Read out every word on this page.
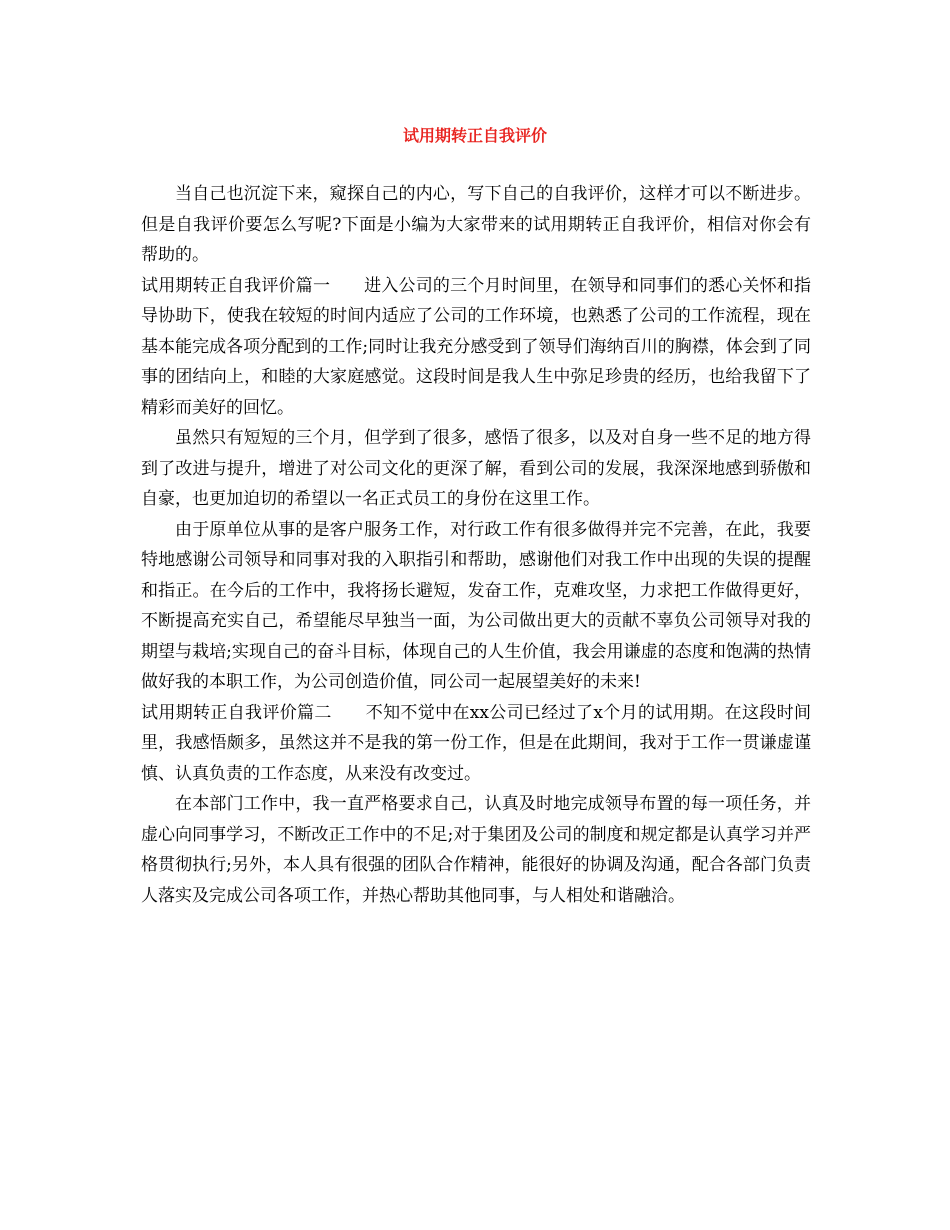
试用期转正自我评价

当自己也沉淀下来，窥探自己的内心，写下自己的自我评价，这样才可以不断进步。但是自我评价要怎么写呢?下面是小编为大家带来的试用期转正自我评价，相信对你会有帮助的。

试用期转正自我评价篇一 进入公司的三个月时间里，在领导和同事们的悉心关怀和指导协助下，使我在较短的时间内适应了公司的工作环境，也熟悉了公司的工作流程，现在基本能完成各项分配到的工作;同时让我充分感受到了领导们海纳百川的胸襟，体会到了同事的团结向上，和睦的大家庭感觉。这段时间是我人生中弥足珍贵的经历，也给我留下了精彩而美好的回忆。

虽然只有短短的三个月，但学到了很多，感悟了很多，以及对自身一些不足的地方得到了改进与提升，增进了对公司文化的更深了解，看到公司的发展，我深深地感到骄傲和自豪，也更加迫切的希望以一名正式员工的身份在这里工作。

由于原单位从事的是客户服务工作，对行政工作有很多做得并完不完善，在此，我要特地感谢公司领导和同事对我的入职指引和帮助，感谢他们对我工作中出现的失误的提醒和指正。在今后的工作中，我将扬长避短，发奋工作，克难攻坚，力求把工作做得更好，不断提高充实自己，希望能尽早独当一面，为公司做出更大的贡献不辜负公司领导对我的期望与栽培;实现自己的奋斗目标，体现自己的人生价值，我会用谦虚的态度和饱满的热情做好我的本职工作，为公司创造价值，同公司一起展望美好的未来!

试用期转正自我评价篇二 不知不觉中在xx公司已经过了x个月的试用期。在这段时间里，我感悟颇多，虽然这并不是我的第一份工作，但是在此期间，我对于工作一贯谦虚谨慎、认真负责的工作态度，从来没有改变过。

在本部门工作中，我一直严格要求自己，认真及时地完成领导布置的每一项任务，并虚心向同事学习，不断改正工作中的不足;对于集团及公司的制度和规定都是认真学习并严格贯彻执行;另外，本人具有很强的团队合作精神，能很好的协调及沟通，配合各部门负责人落实及完成公司各项工作，并热心帮助其他同事，与人相处和谐融洽。
